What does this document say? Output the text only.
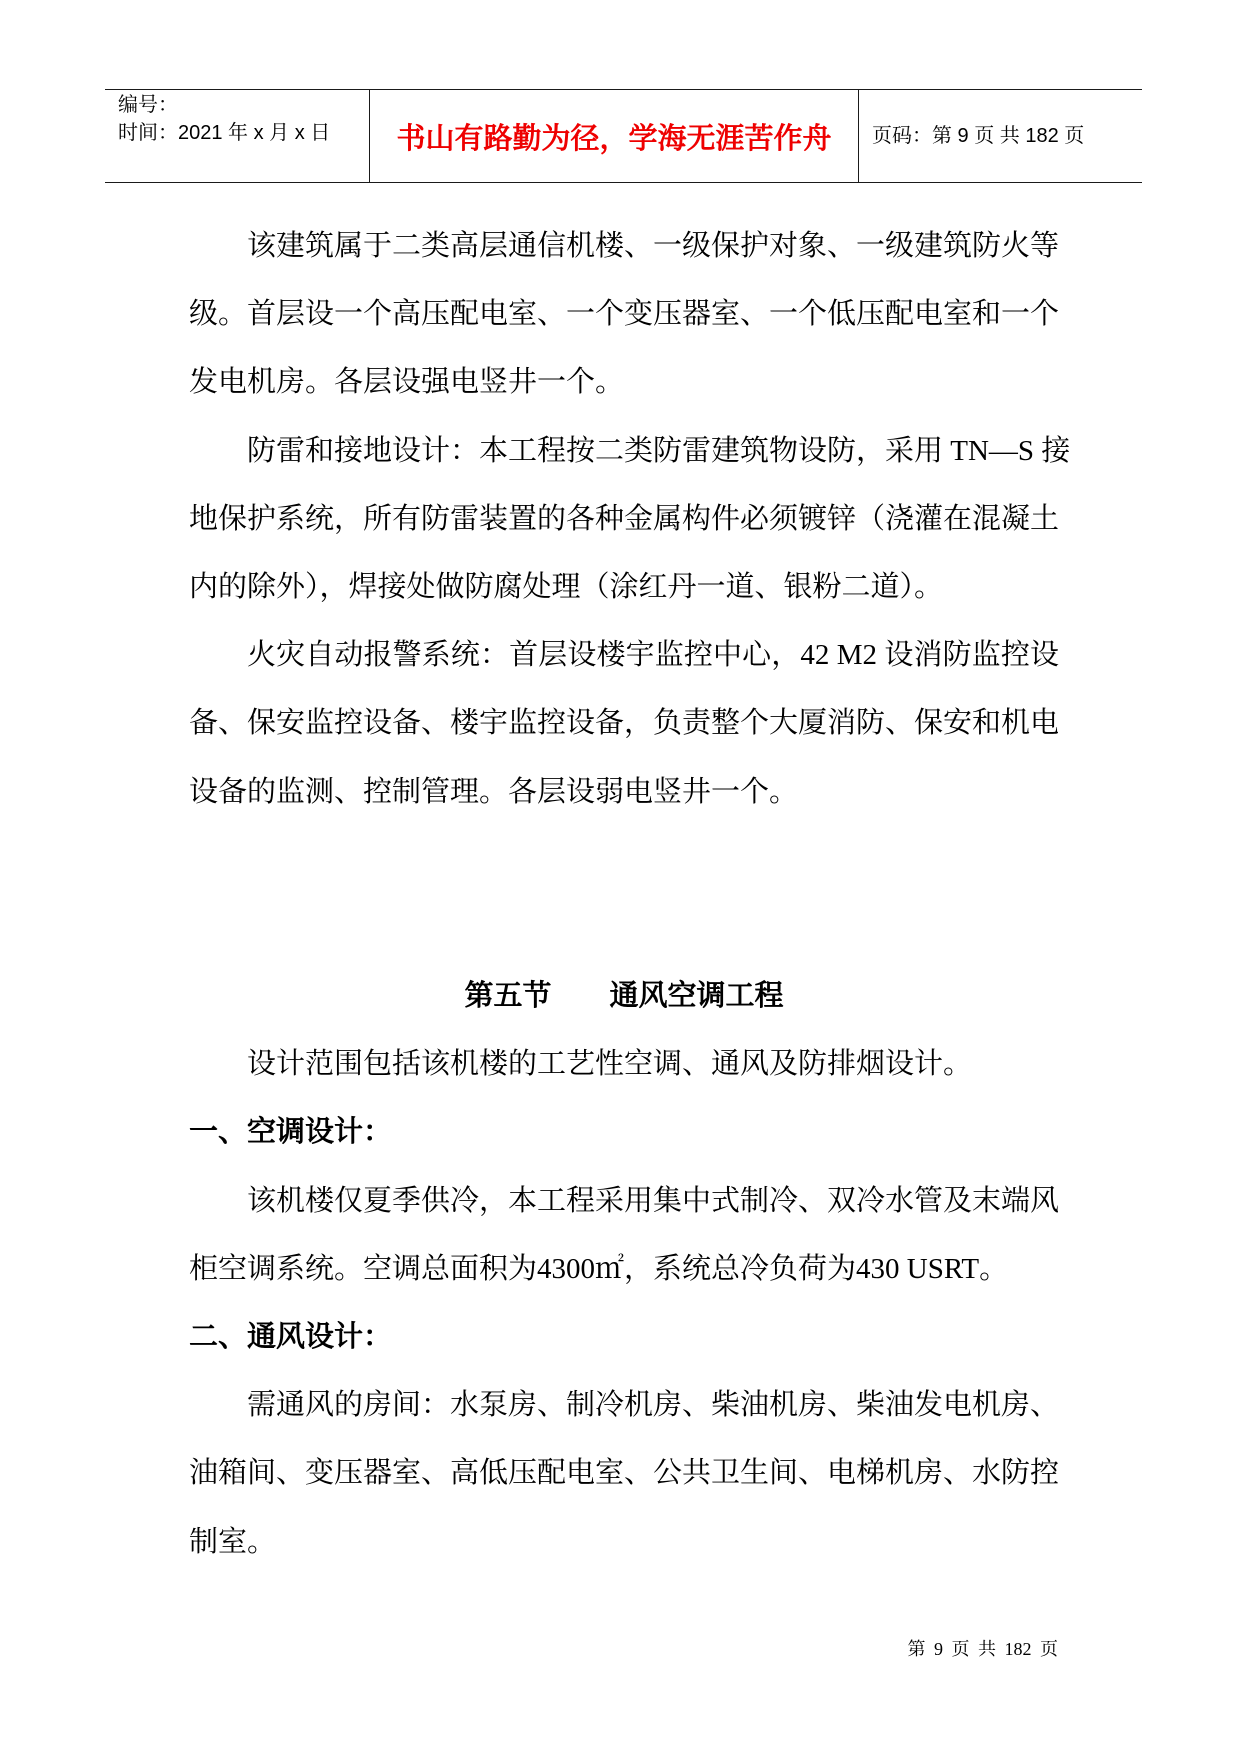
编号：
时间：2021 年 x 月 x 日 书山有路勤为径，学海无涯苦作舟 页码：第 9 页 共 182 页
该建筑属于二类高层通信机楼、一级保护对象、一级建筑防火等
级。首层设一个高压配电室、一个变压器室、一个低压配电室和一个
发电机房。各层设强电竖井一个。
防雷和接地设计：本工程按二类防雷建筑物设防，采用 TN—S 接
地保护系统，所有防雷装置的各种金属构件必须镀锌（浇灌在混凝土
内的除外），焊接处做防腐处理（涂红丹一道、银粉二道）。
火灾自动报警系统：首层设楼宇监控中心，42 M2 设消防监控设
备、保安监控设备、楼宇监控设备，负责整个大厦消防、保安和机电
设备的监测、控制管理。各层设弱电竖井一个。
第五节 通风空调工程
设计范围包括该机楼的工艺性空调、通风及防排烟设计。
一、空调设计：
该机楼仅夏季供冷，本工程采用集中式制冷、双冷水管及末端风
柜空调系统。空调总面积为4300㎡，系统总冷负荷为430 USRT。
二、通风设计：
需通风的房间：水泵房、制冷机房、柴油机房、柴油发电机房、
油箱间、变压器室、高低压配电室、公共卫生间、电梯机房、水防控
制室。
第 9 页 共 182 页
